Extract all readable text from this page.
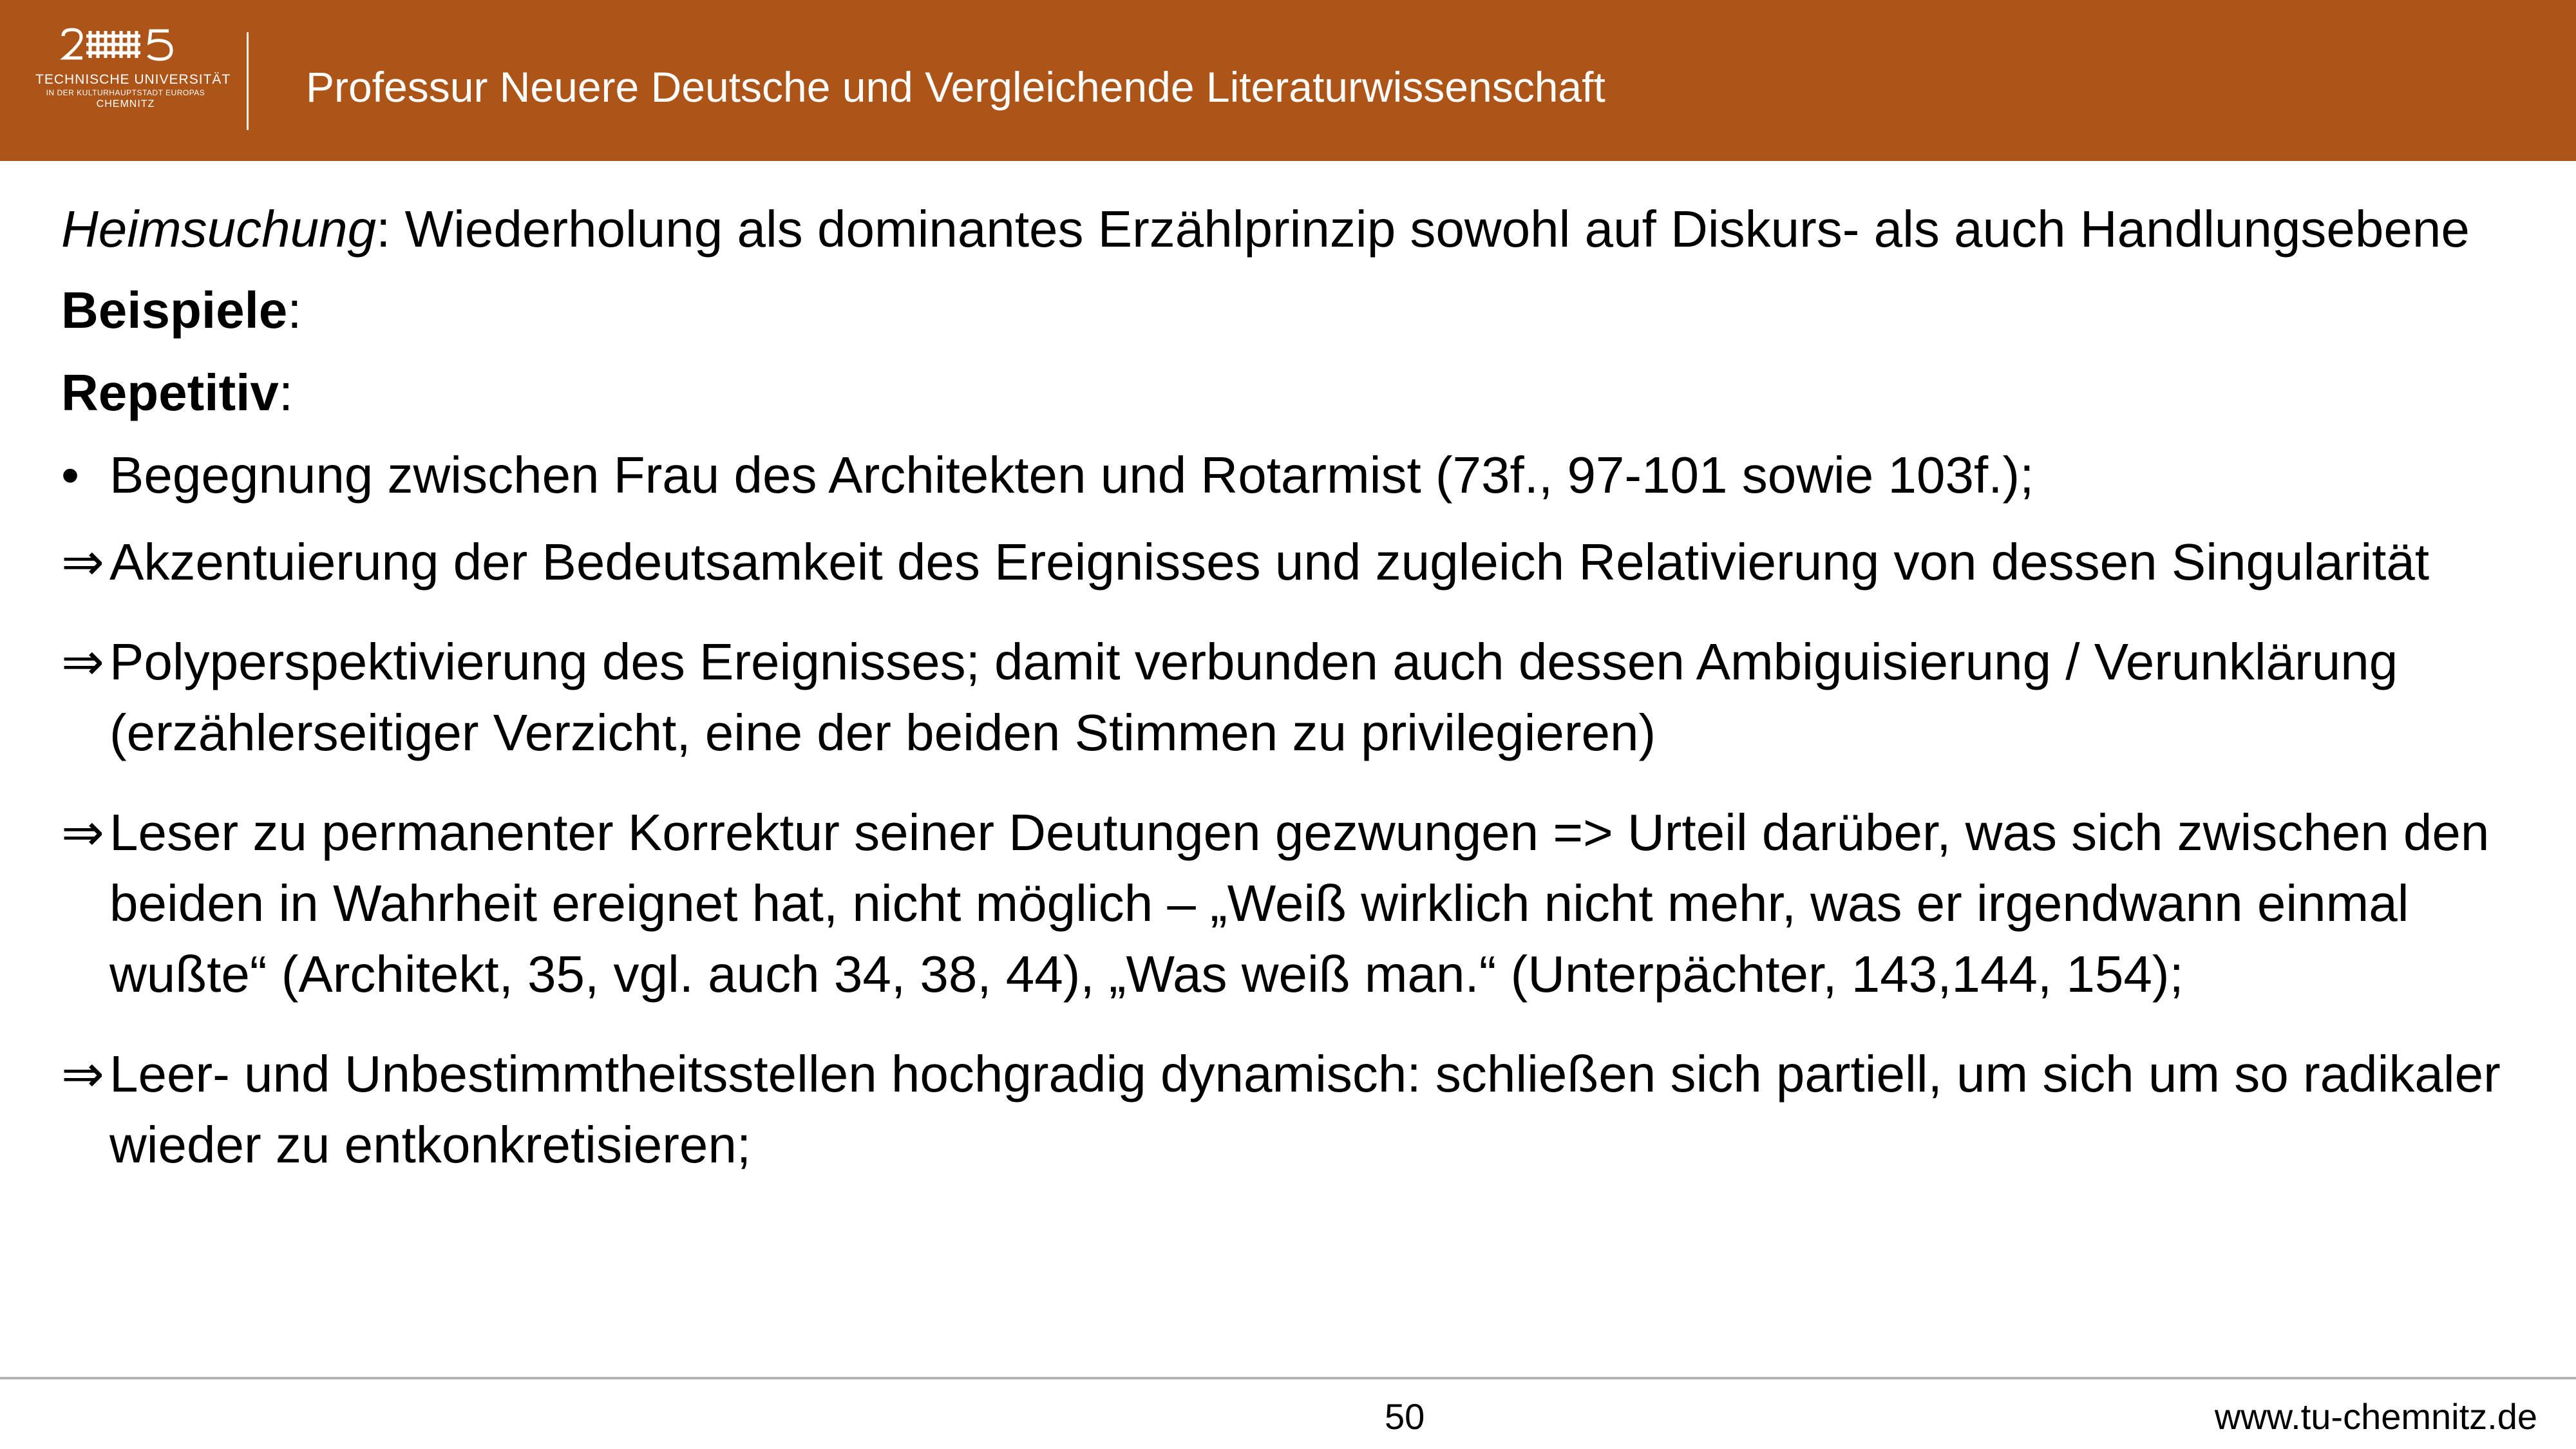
TECHNISCHE UNIVERSITÄT
IN DER KULTURHAUPTSTADT EUROPAS
CHEMNITZ	Professur Neuere Deutsche und Vergleichende Literaturwissenschaft

Heimsuchung: Wiederholung als dominantes Erzählprinzip sowohl auf Diskurs- als auch Handlungsebene

Beispiele:

Repetitiv:

• Begegnung zwischen Frau des Architekten und Rotarmist (73f., 97-101 sowie 103f.);
⇒ Akzentuierung der Bedeutsamkeit des Ereignisses und zugleich Relativierung von dessen Singularität
⇒ Polyperspektivierung des Ereignisses; damit verbunden auch dessen Ambiguisierung / Verunklärung (erzählerseitiger Verzicht, eine der beiden Stimmen zu privilegieren)
⇒ Leser zu permanenter Korrektur seiner Deutungen gezwungen => Urteil darüber, was sich zwischen den beiden in Wahrheit ereignet hat, nicht möglich – „Weiß wirklich nicht mehr, was er irgendwann einmal wußte“ (Architekt, 35, vgl. auch 34, 38, 44), „Was weiß man.“ (Unterpächter, 143,144, 154);
⇒ Leer- und Unbestimmtheitsstellen hochgradig dynamisch: schließen sich partiell, um sich um so radikaler wieder zu entkonkretisieren;
50	www.tu-chemnitz.de
